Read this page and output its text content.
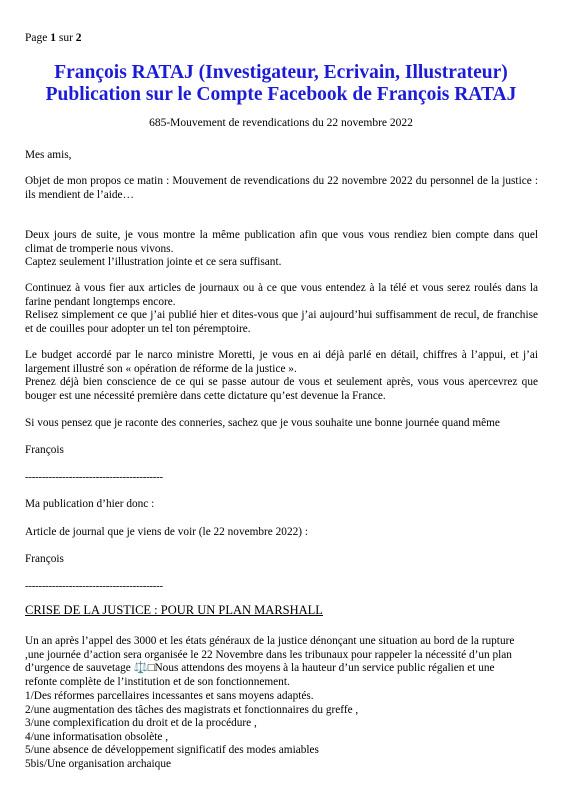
Page 1 sur 2
François RATAJ (Investigateur, Ecrivain, Illustrateur)
Publication sur le Compte Facebook de François RATAJ
685-Mouvement de revendications du 22 novembre 2022
Mes amis,
Objet de mon propos ce matin : Mouvement de revendications du 22 novembre 2022 du personnel de la justice : ils mendient de l’aide…
Deux jours de suite, je vous montre la même publication afin que vous vous rendiez bien compte dans quel climat de tromperie nous vivons.
Captez seulement l’illustration jointe et ce sera suffisant.
Continuez à vous fier aux articles de journaux ou à ce que vous entendez à la télé et vous serez roulés dans la farine pendant longtemps encore.
Relisez simplement ce que j’ai publié hier et dites-vous que j’ai aujourd’hui suffisamment de recul, de franchise et de couilles pour adopter un tel ton péremptoire.
Le budget accordé par le narco ministre Moretti, je vous en ai déjà parlé en détail, chiffres à l’appui, et j’ai largement illustré son « opération de réforme de la justice ».
Prenez déjà bien conscience de ce qui se passe autour de vous et seulement après, vous vous apercevrez que bouger est une nécessité première dans cette dictature qu’est devenue la France.
Si vous pensez que je raconte des conneries, sachez que je vous souhaite une bonne journée quand même
François
-----------------------------------------
Ma publication d’hier donc :
Article de journal que je viens de voir (le 22 novembre 2022) :
François
-----------------------------------------
CRISE DE LA JUSTICE : POUR UN PLAN MARSHALL
Un an après l’appel des 3000 et les états généraux de la justice dénonçant une situation au bord de la rupture
,une journée d’action sera organisée le 22 Novembre dans les tribunaux pour rappeler la nécessité d’un plan
d’urgence de sauvetage ⚖️□Nous attendons des moyens à la hauteur d’un service public régalien et une
refonte complète de l’institution et de son fonctionnement.
1/Des réformes parcellaires incessantes et sans moyens adaptés.
2/une augmentation des tâches des magistrats et fonctionnaires du greffe ,
3/une complexification du droit et de la procédure ,
4/une informatisation obsolète ,
5/une absence de développement significatif des modes amiables
5bis/Une organisation archaique
